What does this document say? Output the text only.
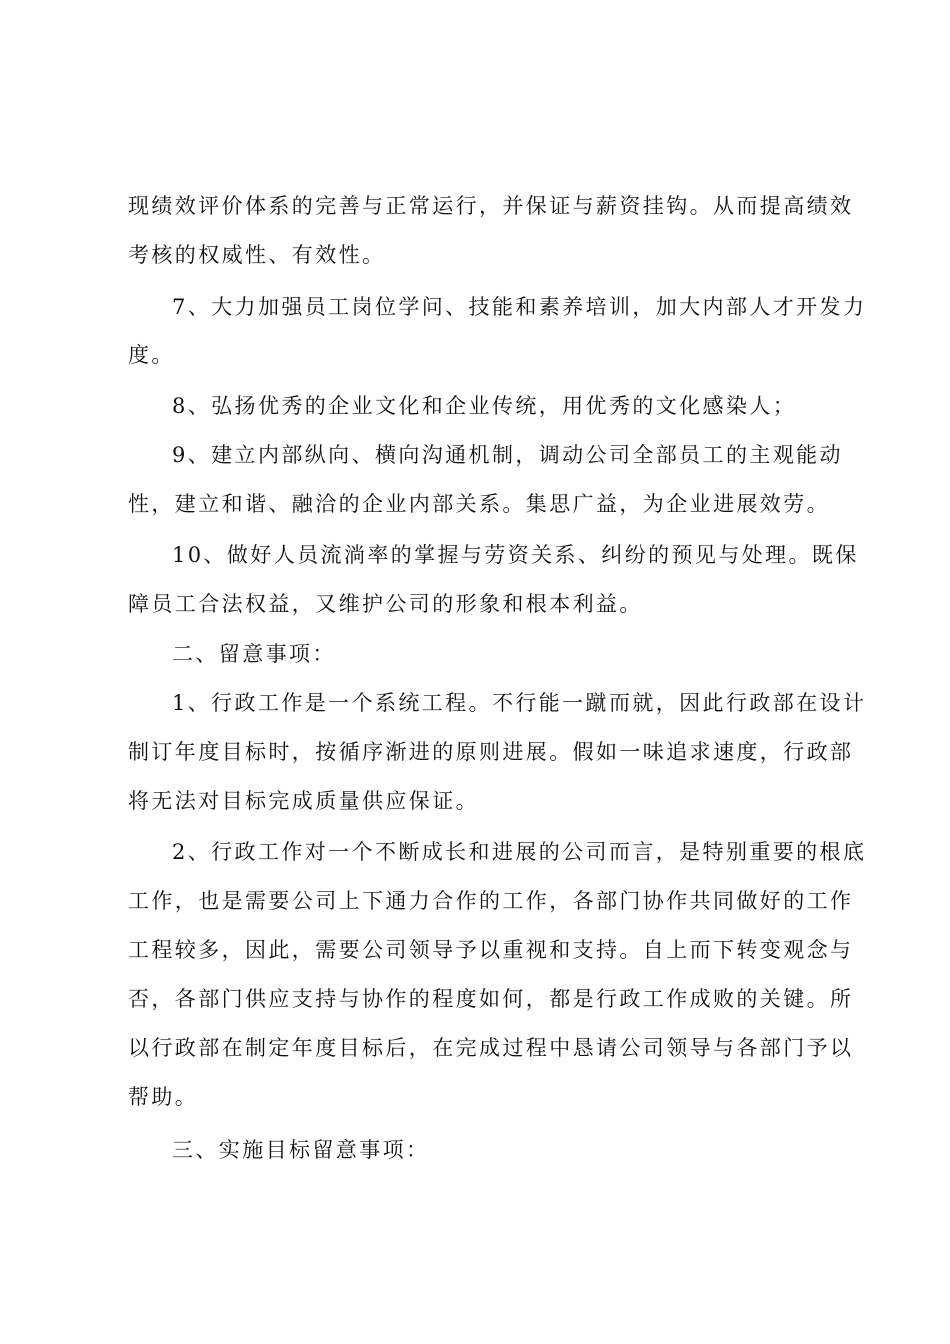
现绩效评价体系的完善与正常运行，并保证与薪资挂钩。从而提高绩效
考核的权威性、有效性。
7、大力加强员工岗位学问、技能和素养培训，加大内部人才开发力
度。
8、弘扬优秀的企业文化和企业传统，用优秀的文化感染人；
9、建立内部纵向、横向沟通机制，调动公司全部员工的主观能动
性，建立和谐、融洽的企业内部关系。集思广益，为企业进展效劳。
10、做好人员流淌率的掌握与劳资关系、纠纷的预见与处理。既保
障员工合法权益，又维护公司的形象和根本利益。
二、留意事项：
1、行政工作是一个系统工程。不行能一蹴而就，因此行政部在设计
制订年度目标时，按循序渐进的原则进展。假如一味追求速度，行政部
将无法对目标完成质量供应保证。
2、行政工作对一个不断成长和进展的公司而言，是特别重要的根底
工作，也是需要公司上下通力合作的工作，各部门协作共同做好的工作
工程较多，因此，需要公司领导予以重视和支持。自上而下转变观念与
否，各部门供应支持与协作的程度如何，都是行政工作成败的关键。所
以行政部在制定年度目标后，在完成过程中恳请公司领导与各部门予以
帮助。
三、实施目标留意事项：
